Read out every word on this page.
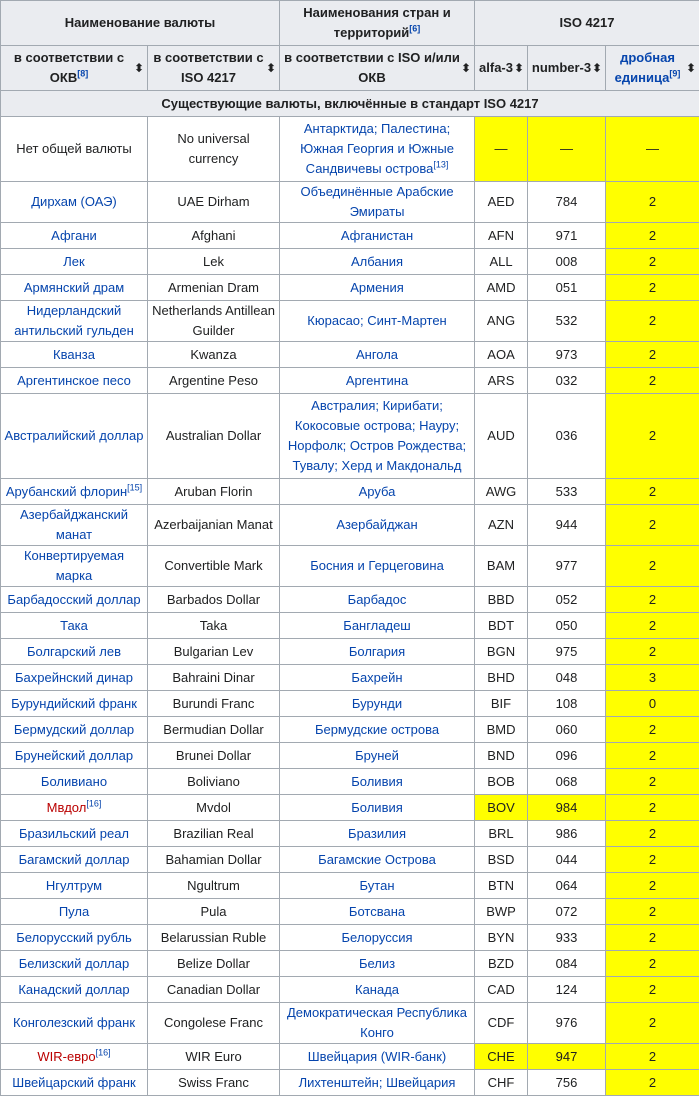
Наименование валюты		Наименования стран и территорий[6]	ISO 4217		
в соответствии с ОКВ[8] ⬍	в соответствии с ISO 4217 ⬍	в соответствии с ISO и/или ОКВ ⬍	alfa-3 ⬍	number-3 ⬍	дробная единица[9] ⬍
Существующие валюты, включённые в стандарт ISO 4217					
Нет общей валюты	No universal currency	Антарктида; Палестина; Южная Георгия и Южные Сандвичевы острова[13]	—	—	—
Дирхам (ОАЭ)	UAE Dirham	Объединённые Арабские Эмираты	AED	784	2
Афгани	Afghani	Афганистан	AFN	971	2
Лек	Lek	Албания	ALL	008	2
Армянский драм	Armenian Dram	Армения	AMD	051	2
Нидерландский антильский гульден	Netherlands Antillean Guilder	Кюрасао; Синт-Мартен	ANG	532	2
Кванза	Kwanza	Ангола	AOA	973	2
Аргентинское песо	Argentine Peso	Аргентина	ARS	032	2
Австралийский доллар	Australian Dollar	Австралия; Кирибати; Кокосовые острова; Науру; Норфолк; Остров Рождества; Тувалу; Херд и Макдональд	AUD	036	2
Арубанский флорин[15]	Aruban Florin	Аруба	AWG	533	2
Азербайджанский манат	Azerbaijanian Manat	Азербайджан	AZN	944	2
Конвертируемая марка	Convertible Mark	Босния и Герцеговина	BAM	977	2
Барбадосский доллар	Barbados Dollar	Барбадос	BBD	052	2
Така	Taka	Бангладеш	BDT	050	2
Болгарский лев	Bulgarian Lev	Болгария	BGN	975	2
Бахрейнский динар	Bahraini Dinar	Бахрейн	BHD	048	3
Бурундийский франк	Burundi Franc	Бурунди	BIF	108	0
Бермудский доллар	Bermudian Dollar	Бермудские острова	BMD	060	2
Брунейский доллар	Brunei Dollar	Бруней	BND	096	2
Боливиано	Boliviano	Боливия	BOB	068	2
Мвдол[16]	Mvdol	Боливия	BOV	984	2
Бразильский реал	Brazilian Real	Бразилия	BRL	986	2
Багамский доллар	Bahamian Dollar	Багамские Острова	BSD	044	2
Нгултрум	Ngultrum	Бутан	BTN	064	2
Пула	Pula	Ботсвана	BWP	072	2
Белорусский рубль	Belarussian Ruble	Белоруссия	BYN	933	2
Белизский доллар	Belize Dollar	Белиз	BZD	084	2
Канадский доллар	Canadian Dollar	Канада	CAD	124	2
Конголезский франк	Congolese Franc	Демократическая Республика Конго	CDF	976	2
WIR-евро[16]	WIR Euro	Швейцария (WIR-банк)	CHE	947	2
Швейцарский франк	Swiss Franc	Лихтенштейн; Швейцария	CHF	756	2
